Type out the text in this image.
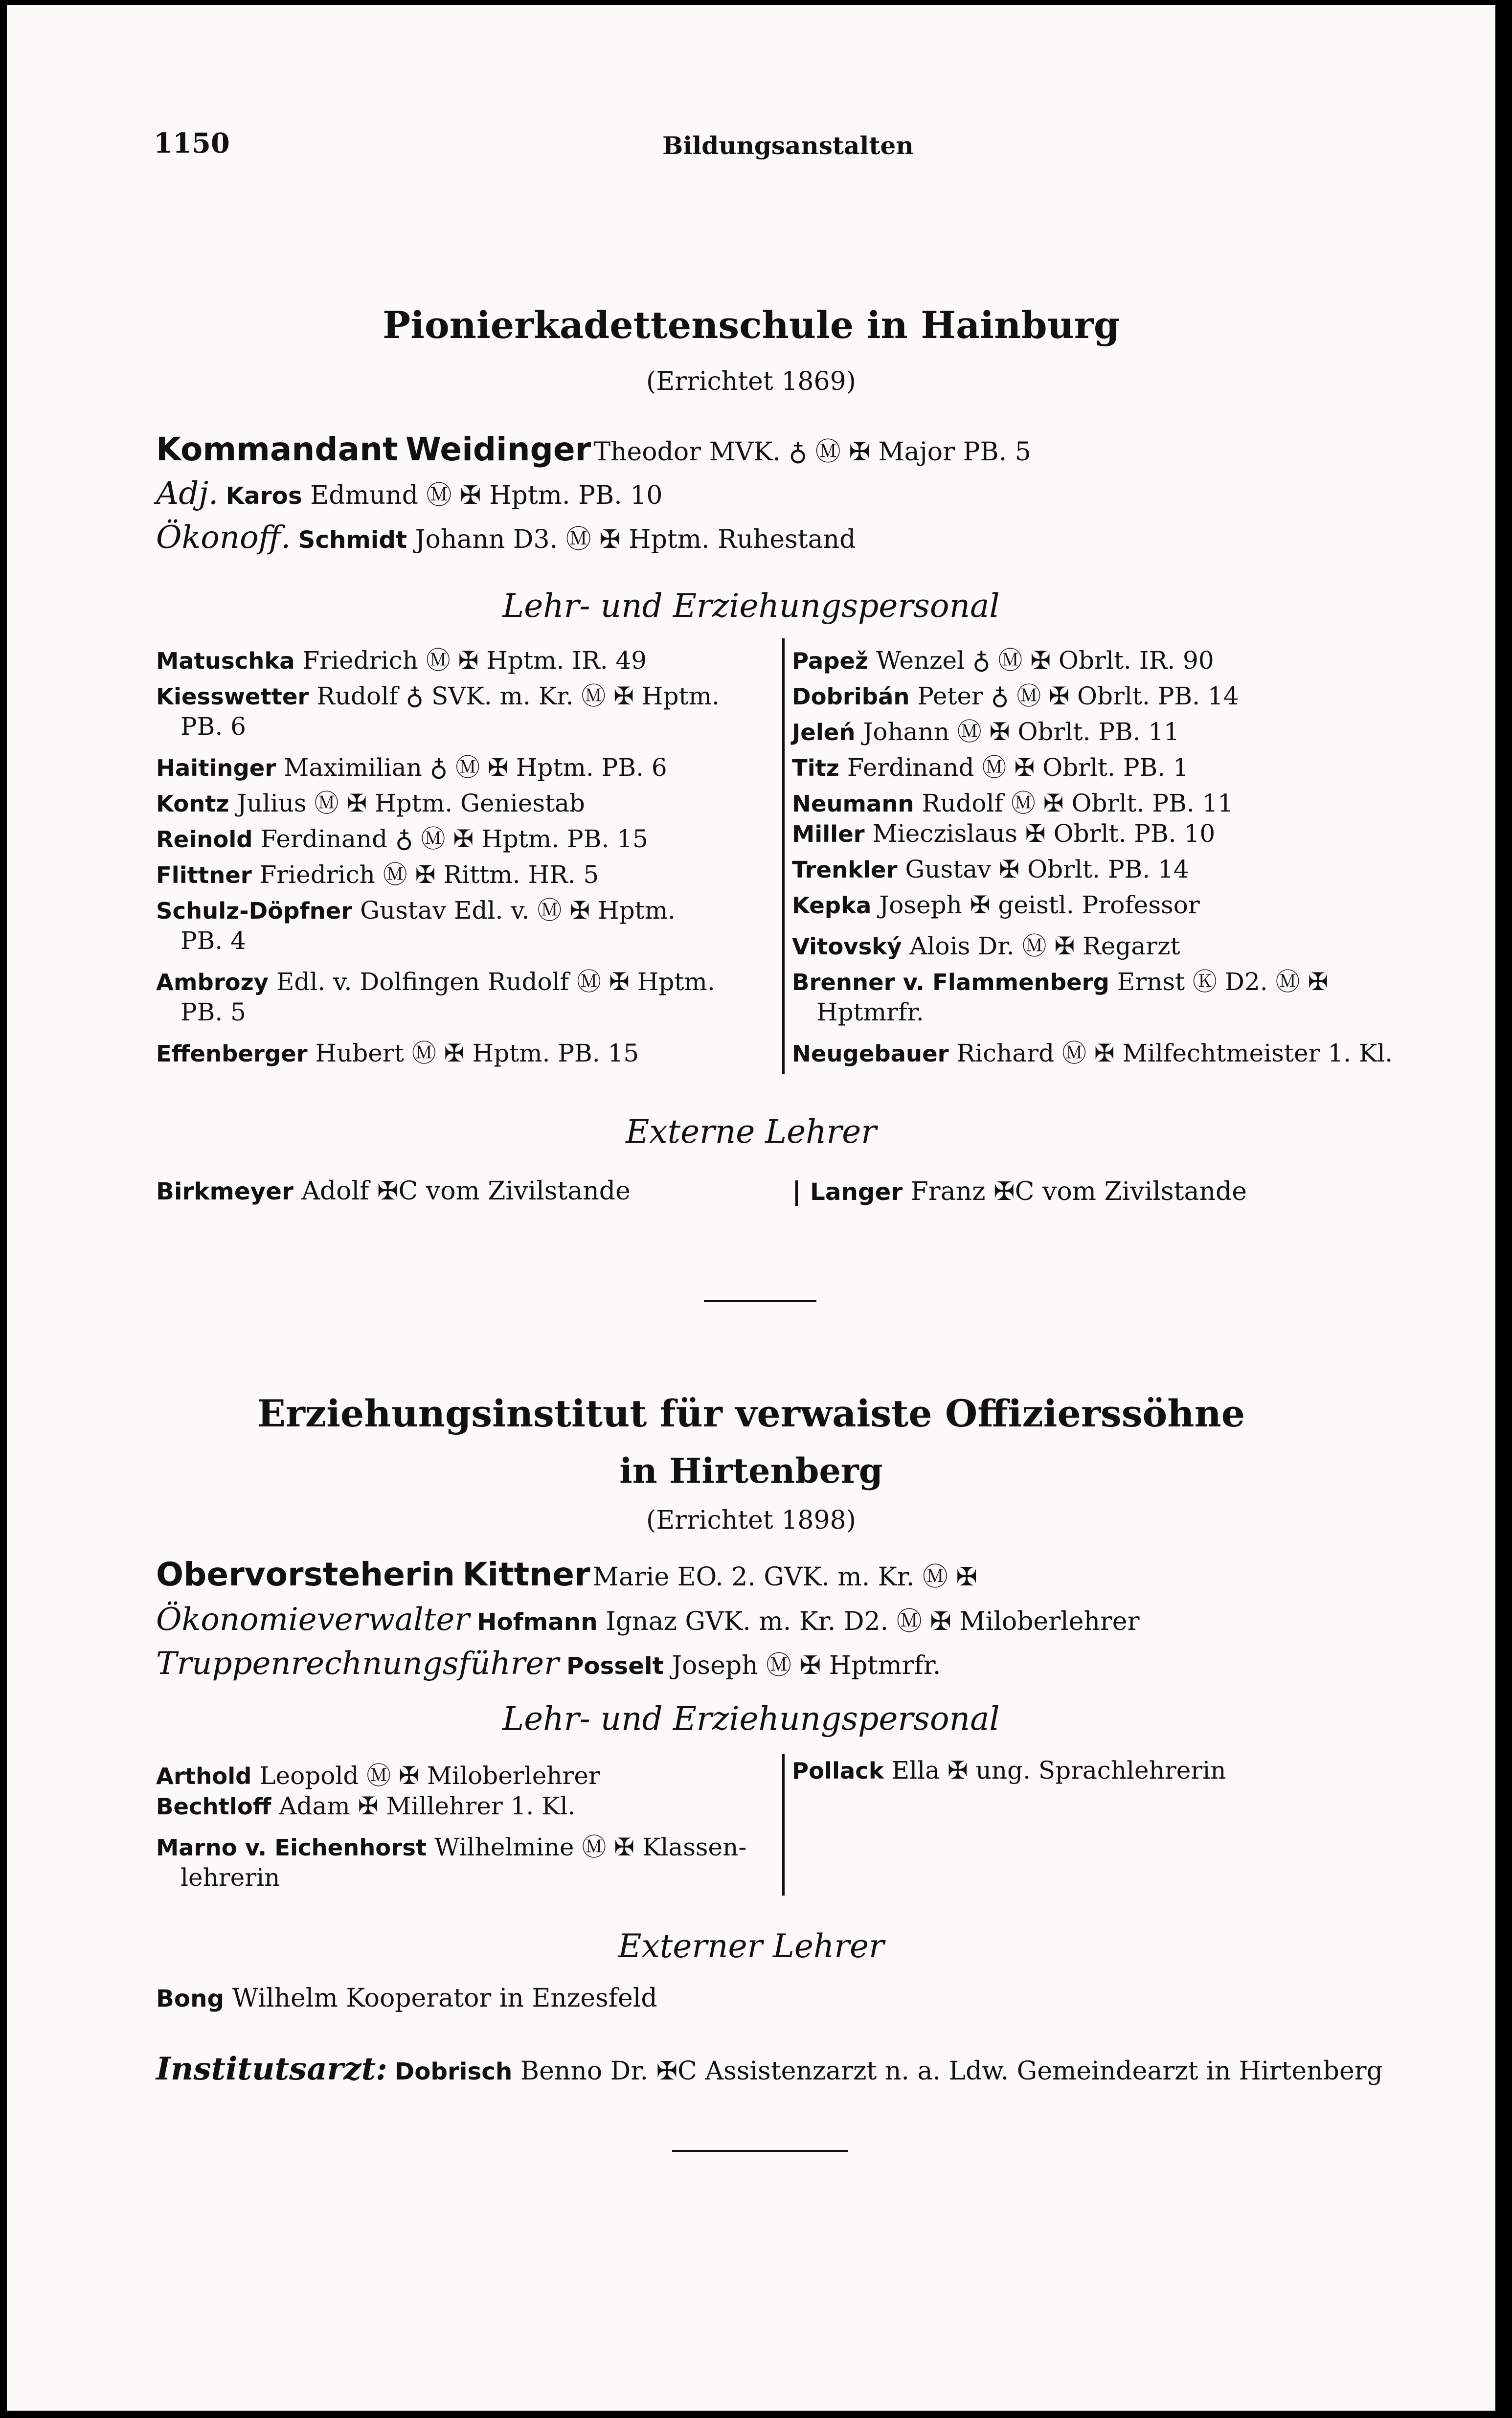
1150	Bildungsanstalten
Pionierkadettenschule in Hainburg
(Errichtet 1869)
Kommandant Weidinger Theodor MVK. ♁ Ⓜ ✠ Major PB. 5
Adj. Karos Edmund Ⓜ ✠ Hptm. PB. 10
Ökonoff. Schmidt Johann D3. Ⓜ ✠ Hptm. Ruhestand
Lehr- und Erziehungspersonal
Matuschka Friedrich Ⓜ ✠ Hptm. IR. 49
Kiesswetter Rudolf ♁ SVK. m. Kr. Ⓜ ✠ Hptm.
PB. 6
Haitinger Maximilian ♁ Ⓜ ✠ Hptm. PB. 6
Kontz Julius Ⓜ ✠ Hptm. Geniestab
Reinold Ferdinand ♁ Ⓜ ✠ Hptm. PB. 15
Flittner Friedrich Ⓜ ✠ Rittm. HR. 5
Schulz-Döpfner Gustav Edl. v. Ⓜ ✠ Hptm.
PB. 4
Ambrozy Edl. v. Dolfingen Rudolf Ⓜ ✠ Hptm.
PB. 5
Effenberger Hubert Ⓜ ✠ Hptm. PB. 15
Papež Wenzel ♁ Ⓜ ✠ Obrlt. IR. 90
Dobribán Peter ♁ Ⓜ ✠ Obrlt. PB. 14
Jeleń Johann Ⓜ ✠ Obrlt. PB. 11
Titz Ferdinand Ⓜ ✠ Obrlt. PB. 1
Neumann Rudolf Ⓜ ✠ Obrlt. PB. 11
Miller Mieczislaus ✠ Obrlt. PB. 10
Trenkler Gustav ✠ Obrlt. PB. 14
Kepka Joseph ✠ geistl. Professor
Vitovský Alois Dr. Ⓜ ✠ Regarzt
Brenner v. Flammenberg Ernst Ⓚ D2. Ⓜ ✠
Hptmrfr.
Neugebauer Richard Ⓜ ✠ Milfechtmeister 1. Kl.
Externe Lehrer
Birkmeyer Adolf ✠C vom Zivilstande	| Langer Franz ✠C vom Zivilstande
Erziehungsinstitut für verwaiste Offizierssöhne
in Hirtenberg
(Errichtet 1898)
Obervorsteherin Kittner Marie EO. 2. GVK. m. Kr. Ⓜ ✠
Ökonomieverwalter Hofmann Ignaz GVK. m. Kr. D2. Ⓜ ✠ Miloberlehrer
Truppenrechnungsführer Posselt Joseph Ⓜ ✠ Hptmrfr.
Lehr- und Erziehungspersonal
Arthold Leopold Ⓜ ✠ Miloberlehrer
Bechtloff Adam ✠ Millehrer 1. Kl.
Marno v. Eichenhorst Wilhelmine Ⓜ ✠ Klassen-
lehrerin
Pollack Ella ✠ ung. Sprachlehrerin
Externer Lehrer
Bong Wilhelm Kooperator in Enzesfeld
Institutsarzt: Dobrisch Benno Dr. ✠C Assistenzarzt n. a. Ldw. Gemeindearzt in Hirtenberg
